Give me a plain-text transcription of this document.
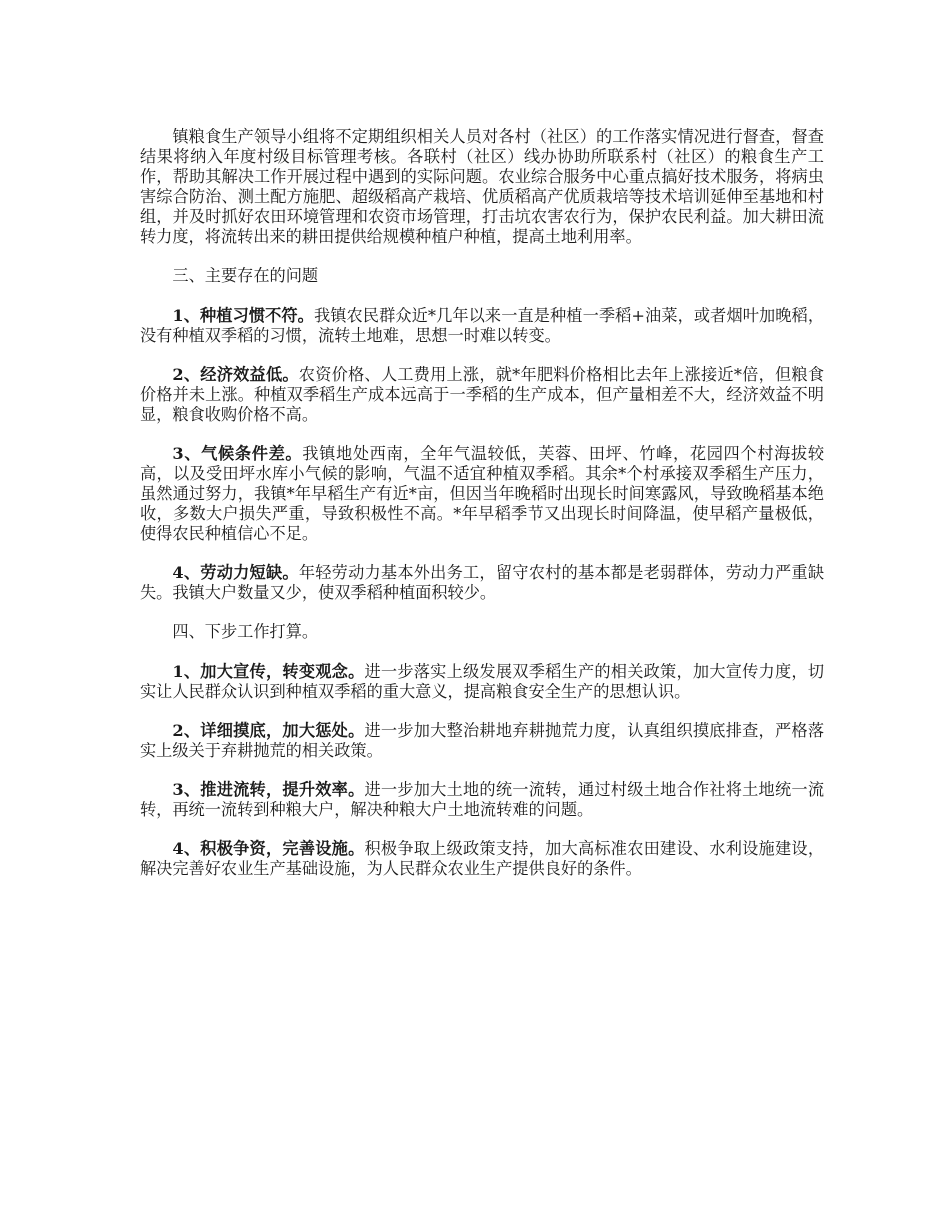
镇粮食生产领导小组将不定期组织相关人员对各村（社区）的工作落实情况进行督查，督查结果将纳入年度村级目标管理考核。各联村（社区）线办协助所联系村（社区）的粮食生产工作，帮助其解决工作开展过程中遇到的实际问题。农业综合服务中心重点搞好技术服务，将病虫害综合防治、测土配方施肥、超级稻高产栽培、优质稻高产优质栽培等技术培训延伸至基地和村组，并及时抓好农田环境管理和农资市场管理，打击坑农害农行为，保护农民利益。加大耕田流转力度，将流转出来的耕田提供给规模种植户种植，提高土地利用率。

三、主要存在的问题

1、种植习惯不符。我镇农民群众近*几年以来一直是种植一季稻+油菜，或者烟叶加晚稻，没有种植双季稻的习惯，流转土地难，思想一时难以转变。

2、经济效益低。农资价格、人工费用上涨，就*年肥料价格相比去年上涨接近*倍，但粮食价格并未上涨。种植双季稻生产成本远高于一季稻的生产成本，但产量相差不大，经济效益不明显，粮食收购价格不高。

3、气候条件差。我镇地处西南，全年气温较低，芙蓉、田坪、竹峰，花园四个村海拔较高，以及受田坪水库小气候的影响，气温不适宜种植双季稻。其余*个村承接双季稻生产压力，虽然通过努力，我镇*年早稻生产有近*亩，但因当年晚稻时出现长时间寒露风，导致晚稻基本绝收，多数大户损失严重，导致积极性不高。*年早稻季节又出现长时间降温，使早稻产量极低，使得农民种植信心不足。

4、劳动力短缺。年轻劳动力基本外出务工，留守农村的基本都是老弱群体，劳动力严重缺失。我镇大户数量又少，使双季稻种植面积较少。

四、下步工作打算。

1、加大宣传，转变观念。进一步落实上级发展双季稻生产的相关政策，加大宣传力度，切实让人民群众认识到种植双季稻的重大意义，提高粮食安全生产的思想认识。

2、详细摸底，加大惩处。进一步加大整治耕地弃耕抛荒力度，认真组织摸底排查，严格落实上级关于弃耕抛荒的相关政策。

3、推进流转，提升效率。进一步加大土地的统一流转，通过村级土地合作社将土地统一流转，再统一流转到种粮大户，解决种粮大户土地流转难的问题。

4、积极争资，完善设施。积极争取上级政策支持，加大高标准农田建设、水利设施建设，解决完善好农业生产基础设施，为人民群众农业生产提供良好的条件。
